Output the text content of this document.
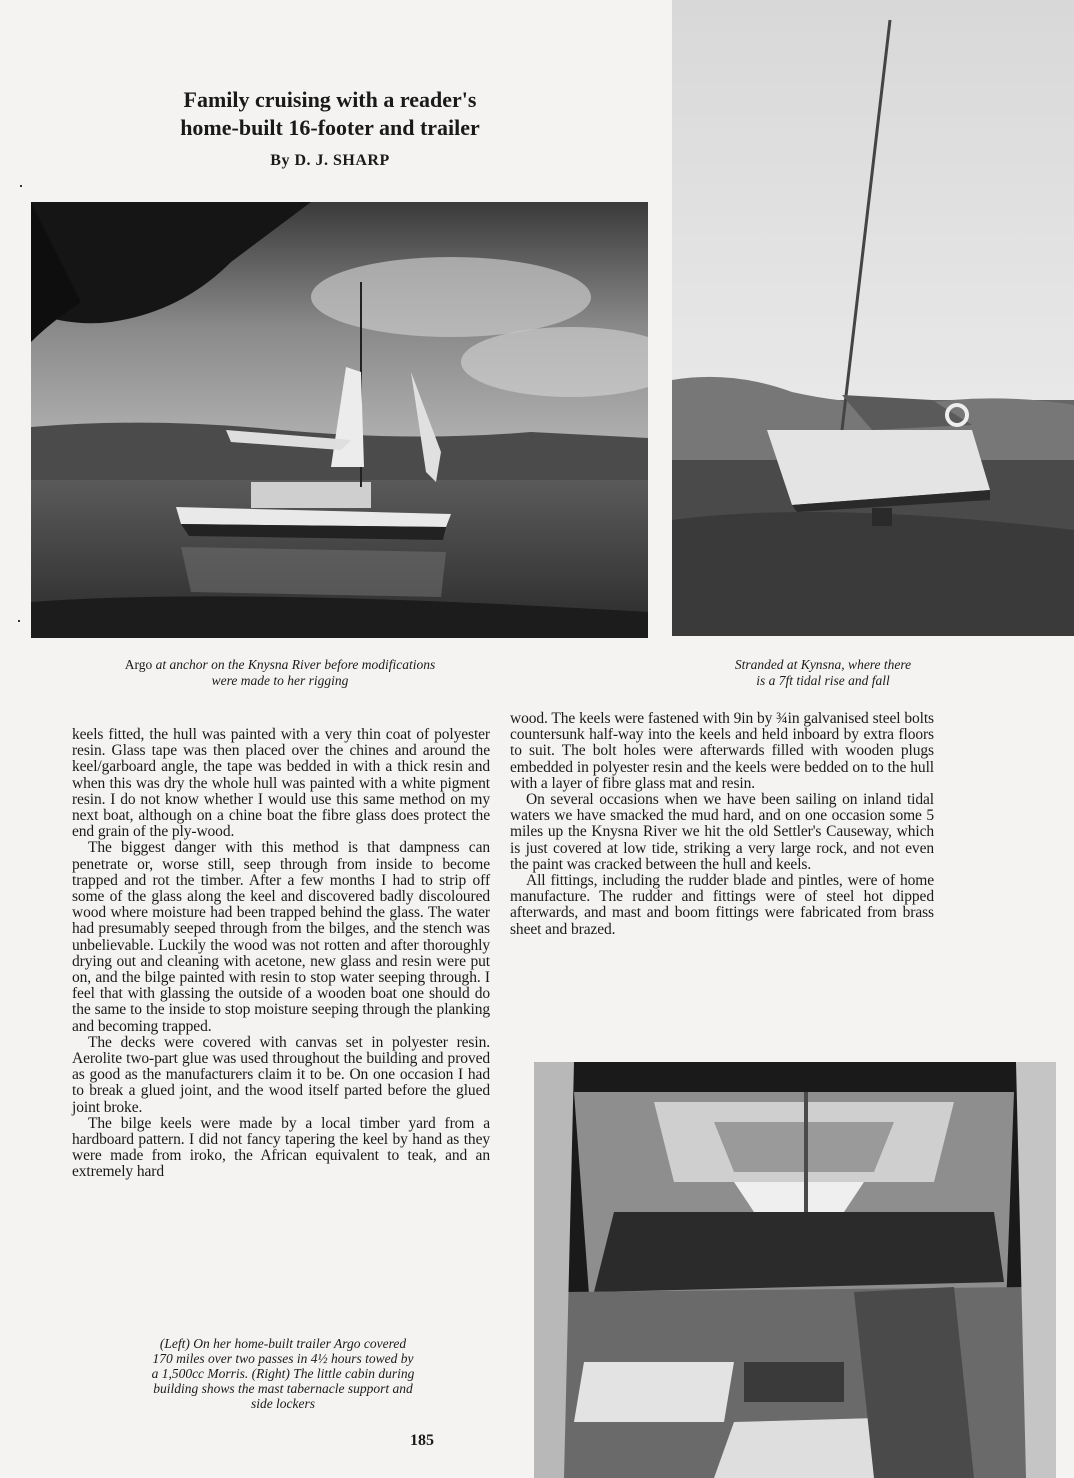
Family cruising with a reader's
home-built 16-footer and trailer
By D. J. SHARP
Argo at anchor on the Knysna River before modifications
were made to her rigging
Stranded at Kynsna, where there
is a 7ft tidal rise and fall

keels fitted, the hull was painted with a very thin coat of polyester resin. Glass tape was then placed over the chines and around the keel/garboard angle, the tape was bedded in with a thick resin and when this was dry the whole hull was painted with a white pigment resin. I do not know whether I would use this same method on my next boat, although on a chine boat the fibre glass does protect the end grain of the ply-wood.

The biggest danger with this method is that dampness can penetrate or, worse still, seep through from inside to become trapped and rot the timber. After a few months I had to strip off some of the glass along the keel and discovered badly discoloured wood where moisture had been trapped behind the glass. The water had presumably seeped through from the bilges, and the stench was unbelievable. Luckily the wood was not rotten and after thoroughly drying out and cleaning with acetone, new glass and resin were put on, and the bilge painted with resin to stop water seeping through. I feel that with glassing the outside of a wooden boat one should do the same to the inside to stop moisture seeping through the planking and becoming trapped.

The decks were covered with canvas set in polyester resin. Aerolite two-part glue was used throughout the building and proved as good as the manufacturers claim it to be. On one occasion I had to break a glued joint, and the wood itself parted before the glued joint broke.

The bilge keels were made by a local timber yard from a hardboard pattern. I did not fancy tapering the keel by hand as they were made from iroko, the African equivalent to teak, and an extremely hard

wood. The keels were fastened with 9in by ¾in galvanised steel bolts countersunk half-way into the keels and held inboard by extra floors to suit. The bolt holes were afterwards filled with wooden plugs embedded in polyester resin and the keels were bedded on to the hull with a layer of fibre glass mat and resin.

On several occasions when we have been sailing on inland tidal waters we have smacked the mud hard, and on one occasion some 5 miles up the Knysna River we hit the old Settler's Causeway, which is just covered at low tide, striking a very large rock, and not even the paint was cracked between the hull and keels.

All fittings, including the rudder blade and pintles, were of home manufacture. The rudder and fittings were of steel hot dipped afterwards, and mast and boom fittings were fabricated from brass sheet and brazed.

(Left) On her home-built trailer Argo covered
170 miles over two passes in 4½ hours towed by
a 1,500cc Morris. (Right) The little cabin during
building shows the mast tabernacle support and
side lockers
185
